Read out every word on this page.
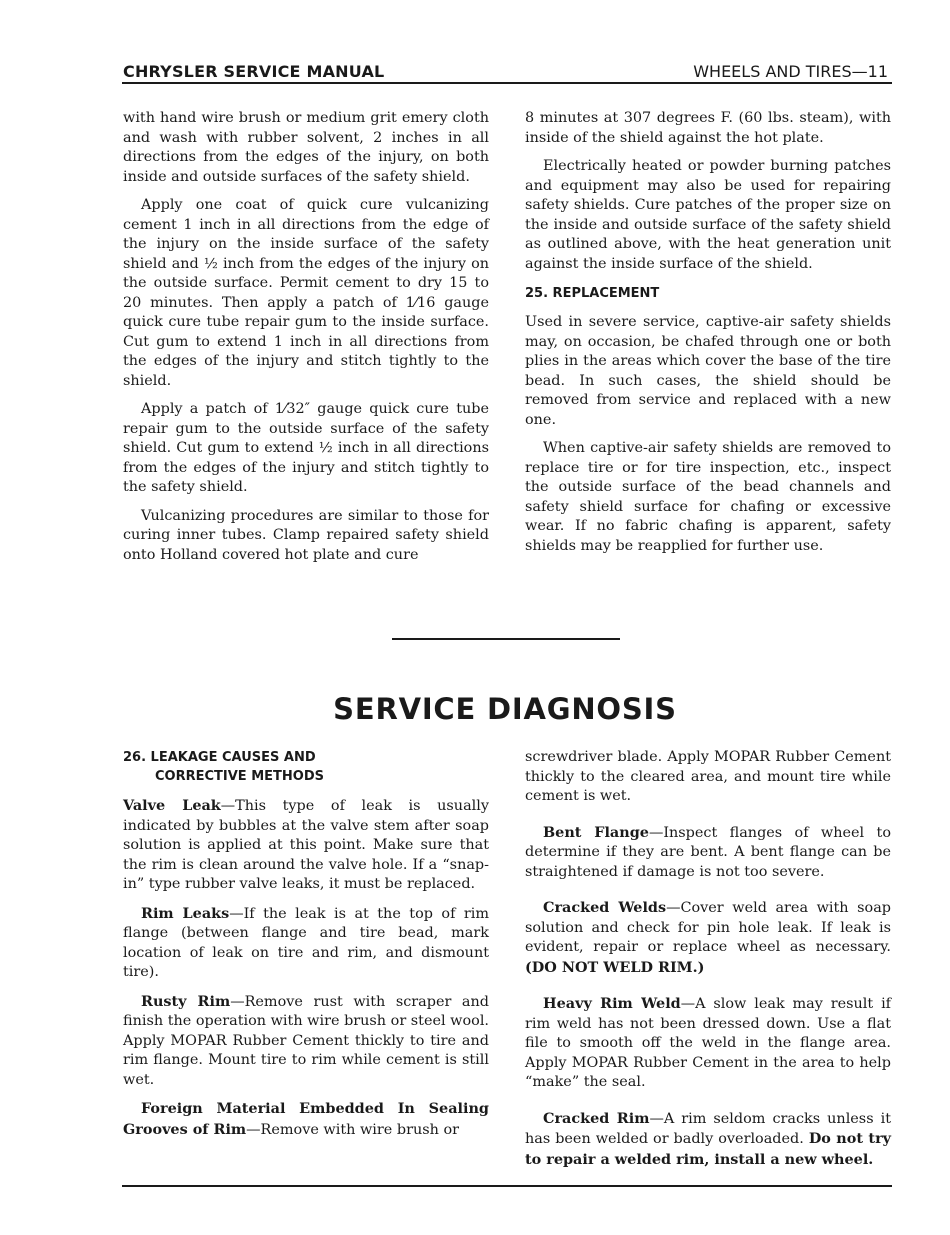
CHRYSLER SERVICE MANUAL	WHEELS AND TIRES—11

with hand wire brush or medium grit emery cloth and wash with rubber solvent, 2 inches in all directions from the edges of the injury, on both inside and outside surfaces of the safety shield.

Apply one coat of quick cure vulcanizing cement 1 inch in all directions from the edge of the injury on the inside surface of the safety shield and ½ inch from the edges of the injury on the outside surface. Permit cement to dry 15 to 20 minutes. Then apply a patch of 1⁄16 gauge quick cure tube repair gum to the inside surface. Cut gum to extend 1 inch in all directions from the edges of the injury and stitch tightly to the shield.

Apply a patch of 1⁄32″ gauge quick cure tube repair gum to the outside surface of the safety shield. Cut gum to extend ½ inch in all directions from the edges of the injury and stitch tightly to the safety shield.

Vulcanizing procedures are similar to those for curing inner tubes. Clamp repaired safety shield onto Holland covered hot plate and cure

8 minutes at 307 degrees F. (60 lbs. steam), with inside of the shield against the hot plate.

Electrically heated or powder burning patches and equipment may also be used for repairing safety shields. Cure patches of the proper size on the inside and outside surface of the safety shield as outlined above, with the heat generation unit against the inside surface of the shield.

25. REPLACEMENT

Used in severe service, captive-air safety shields may, on occasion, be chafed through one or both plies in the areas which cover the base of the tire bead. In such cases, the shield should be removed from service and replaced with a new one.

When captive-air safety shields are removed to replace tire or for tire inspection, etc., inspect the outside surface of the bead channels and safety shield surface for chafing or excessive wear. If no fabric chafing is apparent, safety shields may be reapplied for further use.

SERVICE DIAGNOSIS
26. LEAKAGE CAUSES AND
CORRECTIVE METHODS

Valve Leak—This type of leak is usually indicated by bubbles at the valve stem after soap solution is applied at this point. Make sure that the rim is clean around the valve hole. If a “snap-in” type rubber valve leaks, it must be replaced.

Rim Leaks—If the leak is at the top of rim flange (between flange and tire bead, mark location of leak on tire and rim, and dismount tire).

Rusty Rim—Remove rust with scraper and finish the operation with wire brush or steel wool. Apply MOPAR Rubber Cement thickly to tire and rim flange. Mount tire to rim while cement is still wet.

Foreign Material Embedded In Sealing Grooves of Rim—Remove with wire brush or

screwdriver blade. Apply MOPAR Rubber Cement thickly to the cleared area, and mount tire while cement is wet.

Bent Flange—Inspect flanges of wheel to determine if they are bent. A bent flange can be straightened if damage is not too severe.

Cracked Welds—Cover weld area with soap solution and check for pin hole leak. If leak is evident, repair or replace wheel as necessary. (DO NOT WELD RIM.)

Heavy Rim Weld—A slow leak may result if rim weld has not been dressed down. Use a flat file to smooth off the weld in the flange area. Apply MOPAR Rubber Cement in the area to help “make” the seal.

Cracked Rim—A rim seldom cracks unless it has been welded or badly overloaded. Do not try to repair a welded rim, install a new wheel.
